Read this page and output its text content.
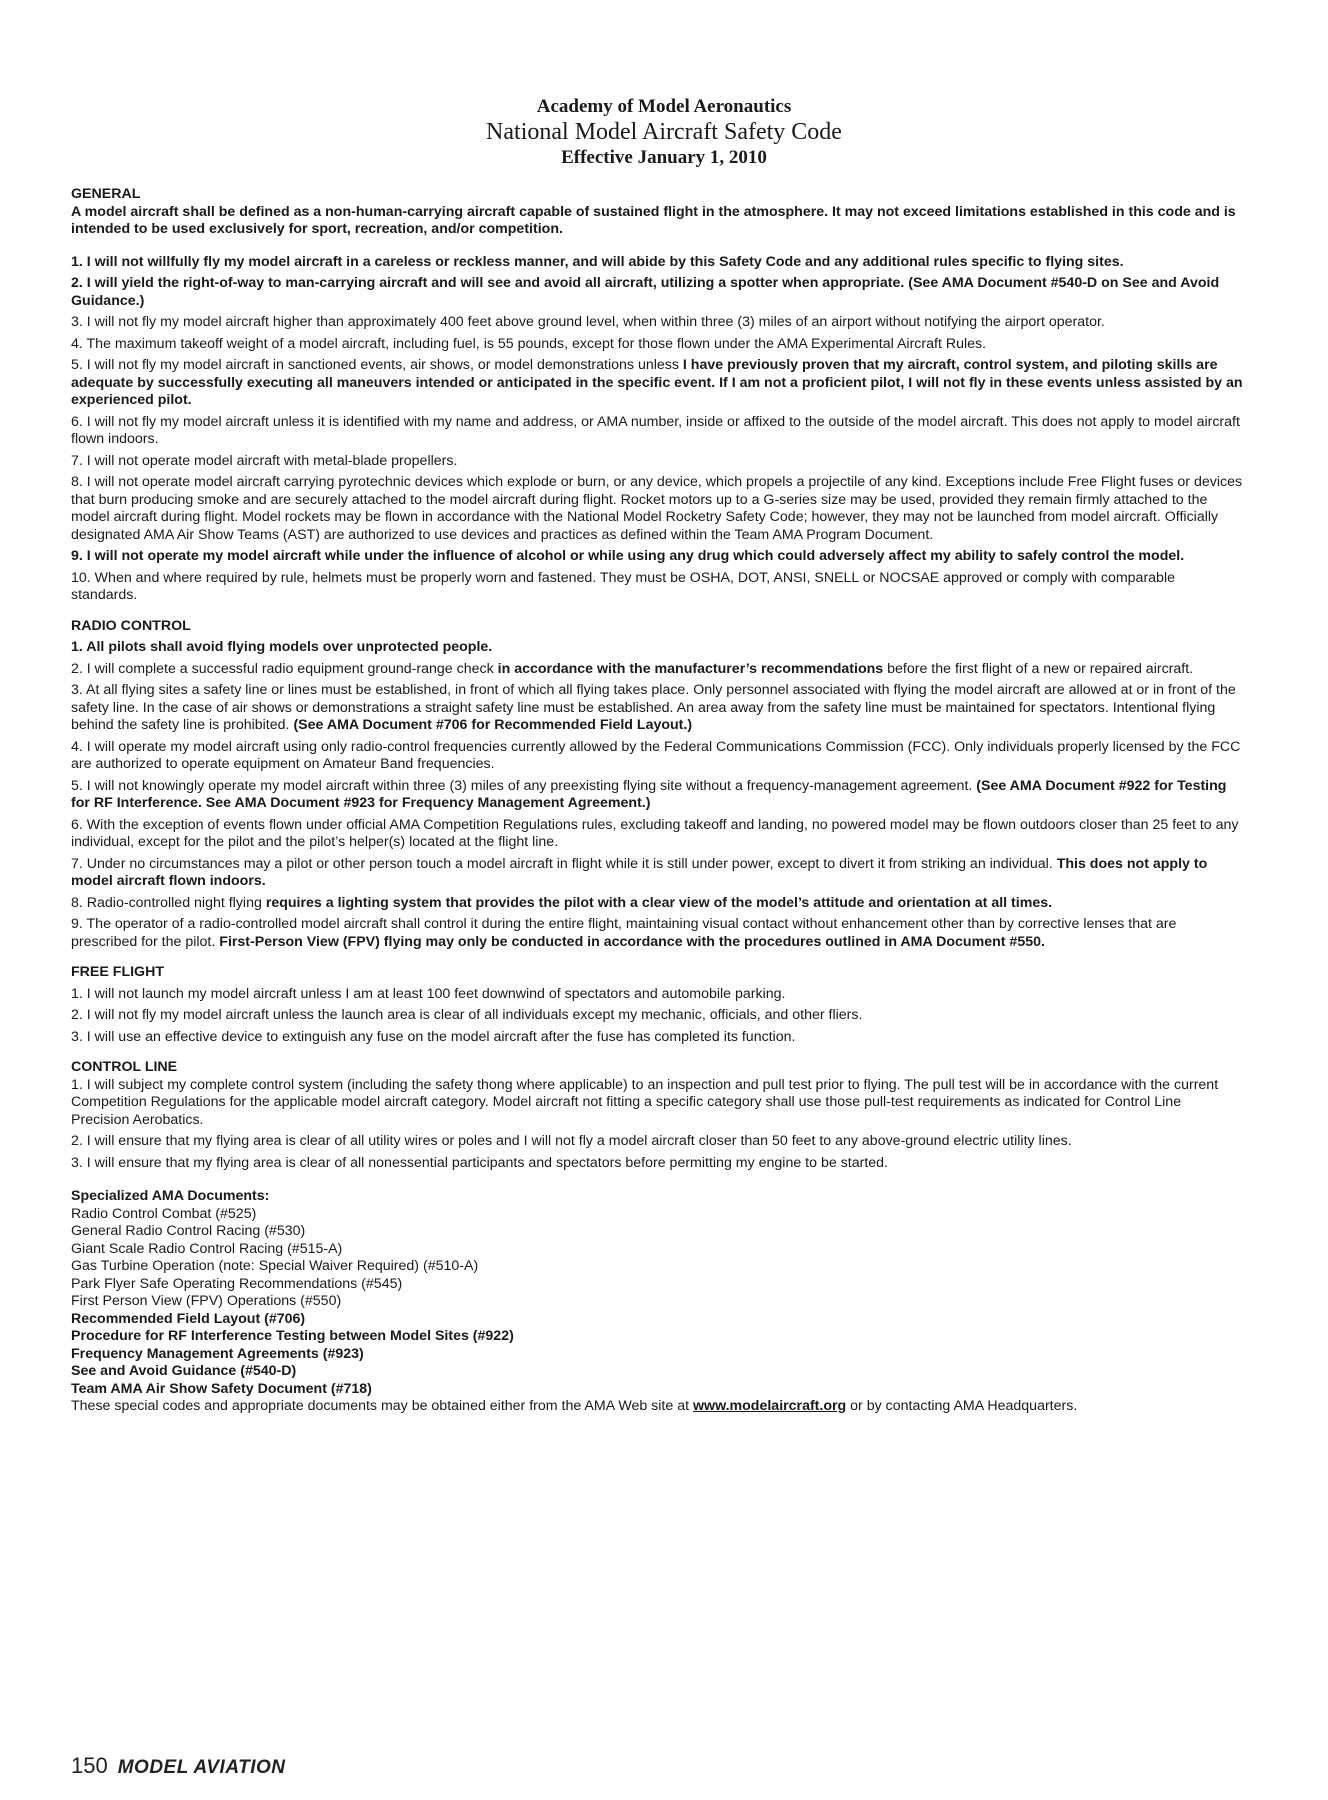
Academy of Model Aeronautics
National Model Aircraft Safety Code
Effective January 1, 2010
GENERAL

A model aircraft shall be defined as a non-human-carrying aircraft capable of sustained flight in the atmosphere. It may not exceed limitations established in this code and is intended to be used exclusively for sport, recreation, and/or competition.

1. I will not willfully fly my model aircraft in a careless or reckless manner, and will abide by this Safety Code and any additional rules specific to flying sites.

2. I will yield the right-of-way to man-carrying aircraft and will see and avoid all aircraft, utilizing a spotter when appropriate. (See AMA Document #540-D on See and Avoid Guidance.)

3. I will not fly my model aircraft higher than approximately 400 feet above ground level, when within three (3) miles of an airport without notifying the airport operator.

4. The maximum takeoff weight of a model aircraft, including fuel, is 55 pounds, except for those flown under the AMA Experimental Aircraft Rules.

5. I will not fly my model aircraft in sanctioned events, air shows, or model demonstrations unless I have previously proven that my aircraft, control system, and piloting skills are adequate by successfully executing all maneuvers intended or anticipated in the specific event. If I am not a proficient pilot, I will not fly in these events unless assisted by an experienced pilot.

6. I will not fly my model aircraft unless it is identified with my name and address, or AMA number, inside or affixed to the outside of the model aircraft. This does not apply to model aircraft flown indoors.

7. I will not operate model aircraft with metal-blade propellers.

8. I will not operate model aircraft carrying pyrotechnic devices which explode or burn, or any device, which propels a projectile of any kind. Exceptions include Free Flight fuses or devices that burn producing smoke and are securely attached to the model aircraft during flight. Rocket motors up to a G-series size may be used, provided they remain firmly attached to the model aircraft during flight. Model rockets may be flown in accordance with the National Model Rocketry Safety Code; however, they may not be launched from model aircraft. Officially designated AMA Air Show Teams (AST) are authorized to use devices and practices as defined within the Team AMA Program Document.

9. I will not operate my model aircraft while under the influence of alcohol or while using any drug which could adversely affect my ability to safely control the model.

10. When and where required by rule, helmets must be properly worn and fastened. They must be OSHA, DOT, ANSI, SNELL or NOCSAE approved or comply with comparable standards.

RADIO CONTROL

1. All pilots shall avoid flying models over unprotected people.

2. I will complete a successful radio equipment ground-range check in accordance with the manufacturer’s recommendations before the first flight of a new or repaired aircraft.

3. At all flying sites a safety line or lines must be established, in front of which all flying takes place. Only personnel associated with flying the model aircraft are allowed at or in front of the safety line. In the case of air shows or demonstrations a straight safety line must be established. An area away from the safety line must be maintained for spectators. Intentional flying behind the safety line is prohibited. (See AMA Document #706 for Recommended Field Layout.)

4. I will operate my model aircraft using only radio-control frequencies currently allowed by the Federal Communications Commission (FCC). Only individuals properly licensed by the FCC are authorized to operate equipment on Amateur Band frequencies.

5. I will not knowingly operate my model aircraft within three (3) miles of any preexisting flying site without a frequency-management agreement. (See AMA Document #922 for Testing for RF Interference. See AMA Document #923 for Frequency Management Agreement.)

6. With the exception of events flown under official AMA Competition Regulations rules, excluding takeoff and landing, no powered model may be flown outdoors closer than 25 feet to any individual, except for the pilot and the pilot’s helper(s) located at the flight line.

7. Under no circumstances may a pilot or other person touch a model aircraft in flight while it is still under power, except to divert it from striking an individual. This does not apply to model aircraft flown indoors.

8. Radio-controlled night flying requires a lighting system that provides the pilot with a clear view of the model’s attitude and orientation at all times.

9. The operator of a radio-controlled model aircraft shall control it during the entire flight, maintaining visual contact without enhancement other than by corrective lenses that are prescribed for the pilot. First-Person View (FPV) flying may only be conducted in accordance with the procedures outlined in AMA Document #550.

FREE FLIGHT

1. I will not launch my model aircraft unless I am at least 100 feet downwind of spectators and automobile parking.

2. I will not fly my model aircraft unless the launch area is clear of all individuals except my mechanic, officials, and other fliers.

3. I will use an effective device to extinguish any fuse on the model aircraft after the fuse has completed its function.

CONTROL LINE

1. I will subject my complete control system (including the safety thong where applicable) to an inspection and pull test prior to flying. The pull test will be in accordance with the current Competition Regulations for the applicable model aircraft category. Model aircraft not fitting a specific category shall use those pull-test requirements as indicated for Control Line Precision Aerobatics.

2. I will ensure that my flying area is clear of all utility wires or poles and I will not fly a model aircraft closer than 50 feet to any above-ground electric utility lines.

3. I will ensure that my flying area is clear of all nonessential participants and spectators before permitting my engine to be started.

Specialized AMA Documents:
Radio Control Combat (#525)
General Radio Control Racing (#530)
Giant Scale Radio Control Racing (#515-A)
Gas Turbine Operation (note: Special Waiver Required) (#510-A)
Park Flyer Safe Operating Recommendations (#545)
First Person View (FPV) Operations (#550)
Recommended Field Layout (#706)
Procedure for RF Interference Testing between Model Sites (#922)
Frequency Management Agreements (#923)
See and Avoid Guidance (#540-D)
Team AMA Air Show Safety Document (#718)
These special codes and appropriate documents may be obtained either from the AMA Web site at www.modelaircraft.org or by contacting AMA Headquarters.
150 MODEL AVIATION
